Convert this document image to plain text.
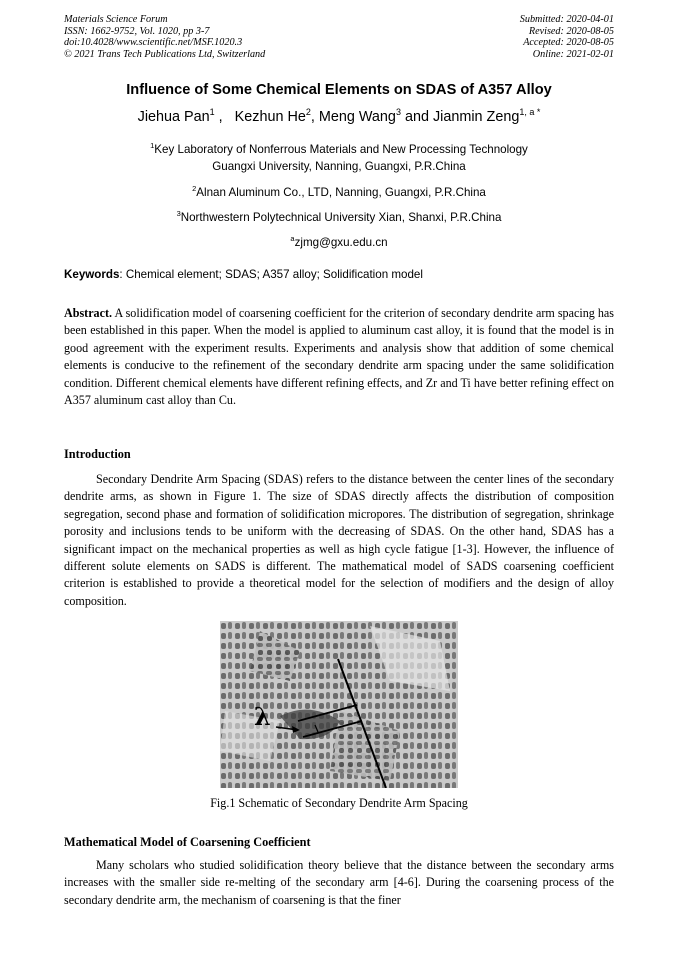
Materials Science Forum
ISSN: 1662-9752, Vol. 1020, pp 3-7
doi:10.4028/www.scientific.net/MSF.1020.3
© 2021 Trans Tech Publications Ltd, Switzerland
Submitted: 2020-04-01
Revised: 2020-08-05
Accepted: 2020-08-05
Online: 2021-02-01
Influence of Some Chemical Elements on SDAS of A357 Alloy
Jiehua Pan$^1$ ,   Kezhun He$^2$, Meng Wang$^3$ and Jianmin Zeng$^{1, a *}$
$^1$Key Laboratory of Nonferrous Materials and New Processing Technology
Guangxi University, Nanning, Guangxi, P.R.China
$^2$Alnan Aluminum Co., LTD, Nanning, Guangxi, P.R.China
$^3$Northwestern Polytechnical University Xian, Shanxi, P.R.China
$^a$zjmg@gxu.edu.cn
Keywords: Chemical element; SDAS; A357 alloy; Solidification model
Abstract. A solidification model of coarsening coefficient for the criterion of secondary dendrite arm spacing has been established in this paper. When the model is applied to aluminum cast alloy, it is found that the model is in good agreement with the experiment results. Experiments and analysis show that addition of some chemical elements is conducive to the refinement of the secondary dendrite arm spacing under the same solidification condition. Different chemical elements have different refining effects, and Zr and Ti have better refining effect on A357 aluminum cast alloy than Cu.
Introduction
Secondary Dendrite Arm Spacing (SDAS) refers to the distance between the center lines of the secondary dendrite arms, as shown in Figure 1. The size of SDAS directly affects the distribution of composition segregation, second phase and formation of solidification micropores. The distribution of segregation, shrinkage porosity and inclusions tends to be uniform with the decreasing of SDAS. On the other hand, SDAS has a significant impact on the mechanical properties as well as high cycle fatigue [1-3]. However, the influence of different solute elements on SADS is different. The mathematical model of SADS coarsening coefficient criterion is established to provide a theoretical model for the selection of modifiers and the design of alloy composition.
λ
Fig.1 Schematic of Secondary Dendrite Arm Spacing
Mathematical Model of Coarsening Coefficient
Many scholars who studied solidification theory believe that the distance between the secondary arms increases with the smaller side re-melting of the secondary arm [4-6]. During the coarsening process of the secondary dendrite arm, the mechanism of coarsening is that the finer
